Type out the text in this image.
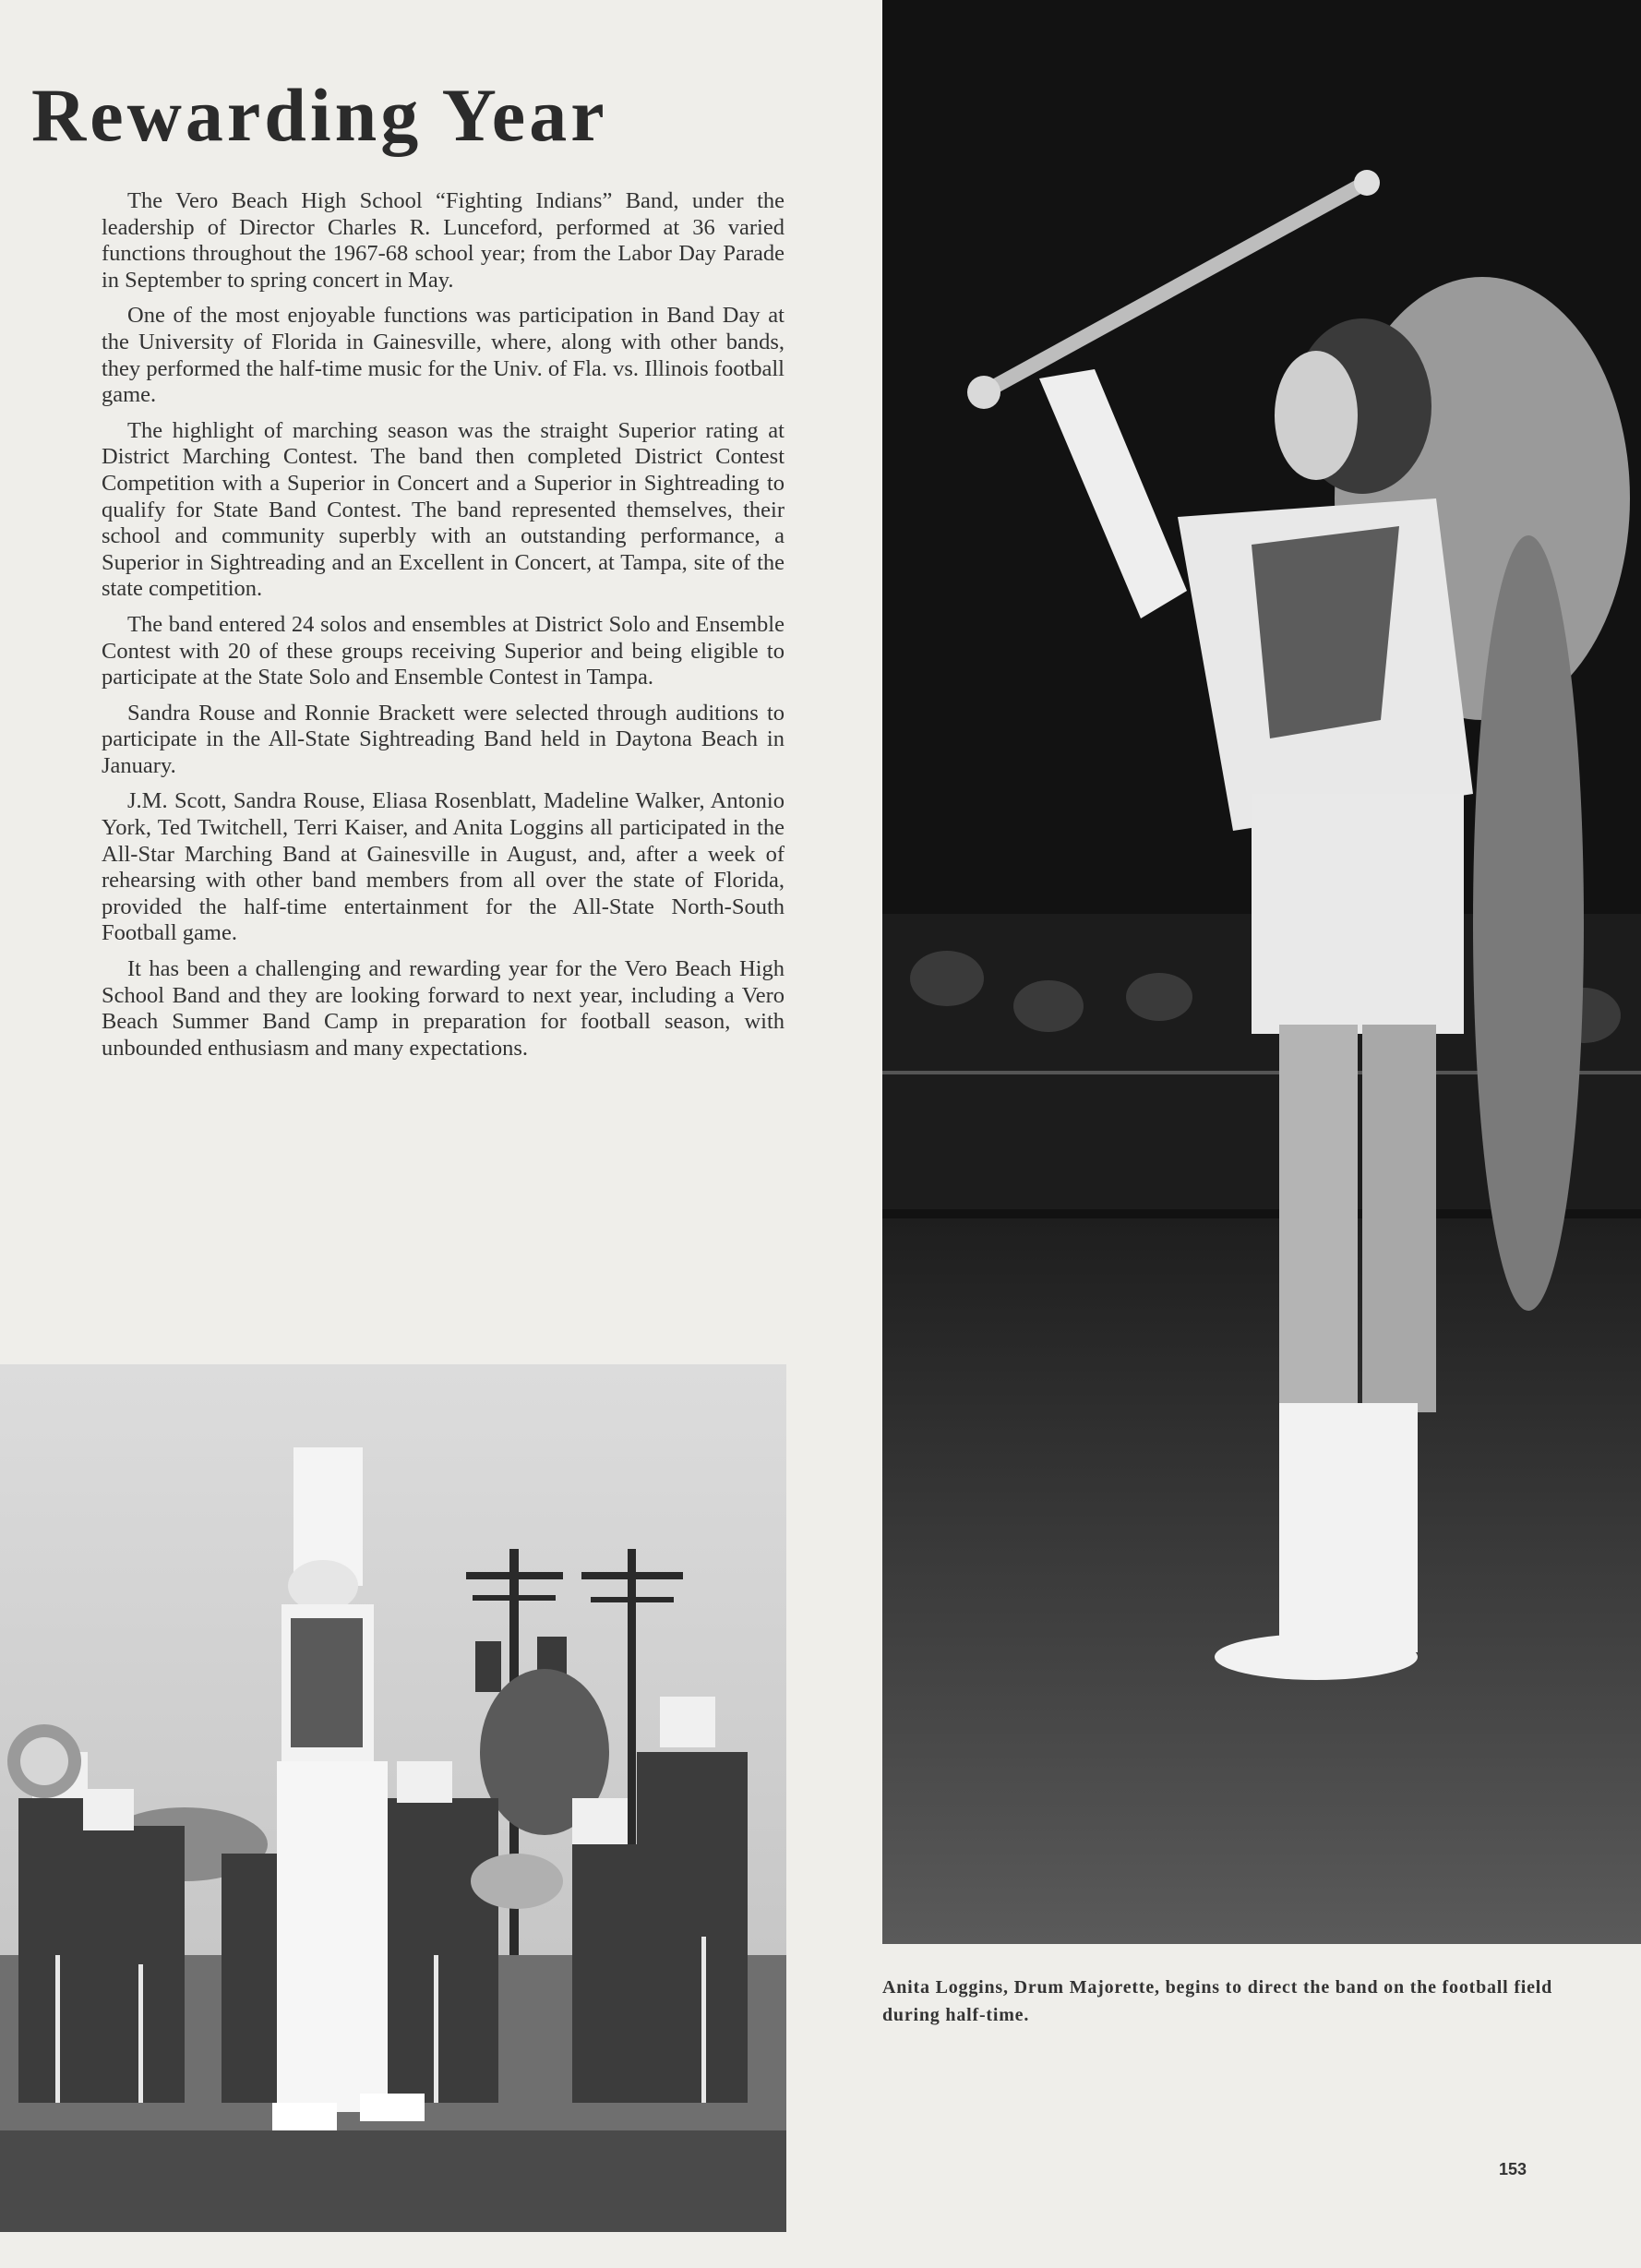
Rewarding Year

The Vero Beach High School “Fighting Indians” Band, under the leadership of Director Charles R. Lunceford, performed at 36 varied functions throughout the 1967-68 school year; from the Labor Day Parade in September to spring concert in May.

One of the most enjoyable functions was participation in Band Day at the University of Florida in Gainesville, where, along with other bands, they performed the half-time music for the Univ. of Fla. vs. Illinois football game.

The highlight of marching season was the straight Superior rating at District Marching Contest. The band then completed District Contest Competition with a Superior in Concert and a Superior in Sightreading to qualify for State Band Contest. The band represented themselves, their school and community superbly with an outstanding performance, a Superior in Sightreading and an Excellent in Concert, at Tampa, site of the state competition.

The band entered 24 solos and ensembles at District Solo and Ensemble Contest with 20 of these groups receiving Superior and being eligible to participate at the State Solo and Ensemble Contest in Tampa.

Sandra Rouse and Ronnie Brackett were selected through auditions to participate in the All-State Sightreading Band held in Daytona Beach in January.

J.M. Scott, Sandra Rouse, Eliasa Rosenblatt, Madeline Walker, Antonio York, Ted Twitchell, Terri Kaiser, and Anita Loggins all participated in the All-Star Marching Band at Gainesville in August, and, after a week of rehearsing with other band members from all over the state of Florida, provided the half-time entertainment for the All-State North-South Football game.

It has been a challenging and rewarding year for the Vero Beach High School Band and they are looking forward to next year, including a Vero Beach Summer Band Camp in preparation for football season, with unbounded enthusiasm and many expectations.

Anita Loggins, Drum Majorette, begins to direct the band on the football field during half-time.
153
